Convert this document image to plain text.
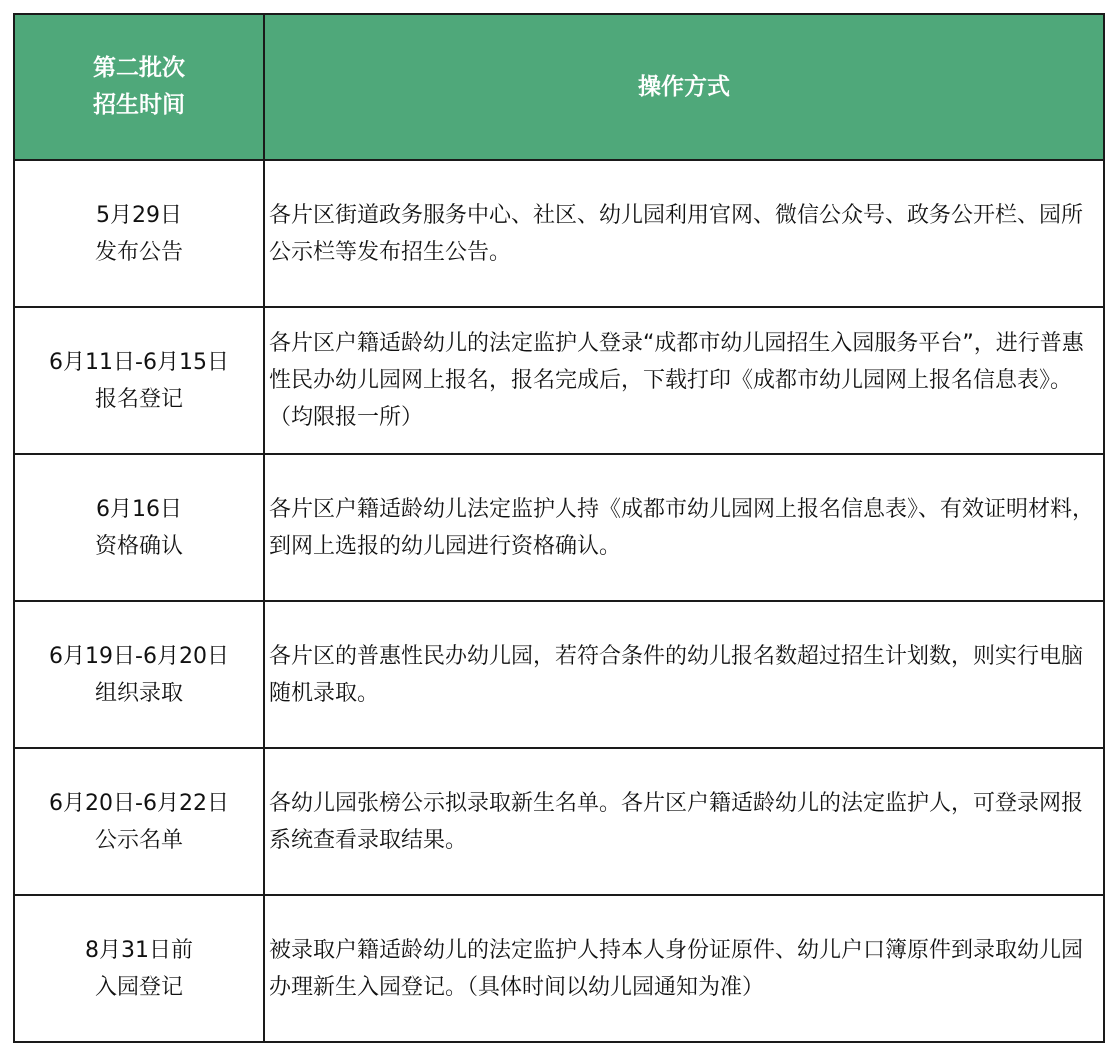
第二批次
招生时间	操作方式

5月29日
发布公告	各片区街道政务服务中心、社区、幼儿园利用官网、微信公众号、政务公开栏、园所公示栏等发布招生公告。

6月11日-6月15日
报名登记	各片区户籍适龄幼儿的法定监护人登录“成都市幼儿园招生入园服务平台”，进行普惠性民办幼儿园网上报名，报名完成后，下载打印《成都市幼儿园网上报名信息表》。（均限报一所）

6月16日
资格确认	各片区户籍适龄幼儿法定监护人持《成都市幼儿园网上报名信息表》、有效证明材料，到网上选报的幼儿园进行资格确认。

6月19日-6月20日
组织录取	各片区的普惠性民办幼儿园，若符合条件的幼儿报名数超过招生计划数，则实行电脑随机录取。

6月20日-6月22日
公示名单	各幼儿园张榜公示拟录取新生名单。各片区户籍适龄幼儿的法定监护人，可登录网报系统查看录取结果。

8月31日前
入园登记	被录取户籍适龄幼儿的法定监护人持本人身份证原件、幼儿户口簿原件到录取幼儿园办理新生入园登记。（具体时间以幼儿园通知为准）
